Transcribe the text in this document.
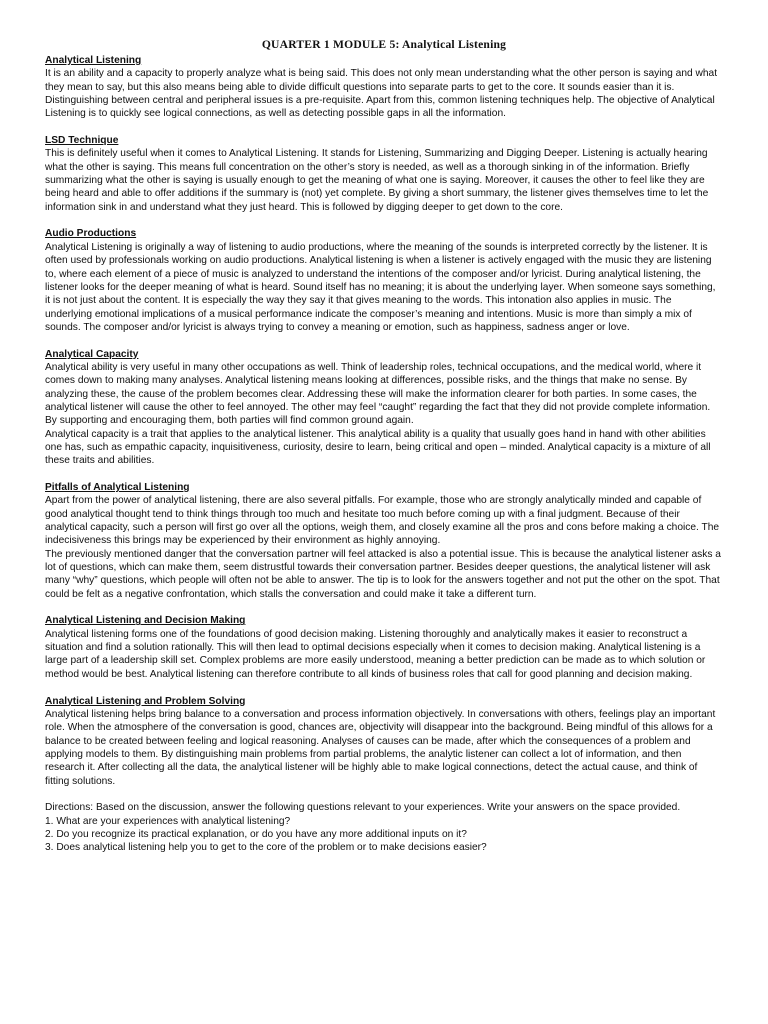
QUARTER 1 MODULE 5: Analytical Listening

Analytical Listening

It is an ability and a capacity to properly analyze what is being said. This does not only mean understanding what the other person is saying and what they mean to say, but this also means being able to divide difficult questions into separate parts to get to the core. It sounds easier than it is. Distinguishing between central and peripheral issues is a pre-requisite. Apart from this, common listening techniques help. The objective of Analytical Listening is to quickly see logical connections, as well as detecting possible gaps in all the information.

LSD Technique

This is definitely useful when it comes to Analytical Listening. It stands for Listening, Summarizing and Digging Deeper. Listening is actually hearing what the other is saying. This means full concentration on the other’s story is needed, as well as a thorough sinking in of the information. Briefly summarizing what the other is saying is usually enough to get the meaning of what one is saying. Moreover, it causes the other to feel like they are being heard and able to offer additions if the summary is (not) yet complete. By giving a short summary, the listener gives themselves time to let the information sink in and understand what they just heard. This is followed by digging deeper to get down to the core.

Audio Productions

Analytical Listening is originally a way of listening to audio productions, where the meaning of the sounds is interpreted correctly by the listener. It is often used by professionals working on audio productions. Analytical listening is when a listener is actively engaged with the music they are listening to, where each element of a piece of music is analyzed to understand the intentions of the composer and/or lyricist. During analytical listening, the listener looks for the deeper meaning of what is heard. Sound itself has no meaning; it is about the underlying layer. When someone says something, it is not just about the content. It is especially the way they say it that gives meaning to the words. This intonation also applies in music. The underlying emotional implications of a musical performance indicate the composer’s meaning and intentions. Music is more than simply a mix of sounds. The composer and/or lyricist is always trying to convey a meaning or emotion, such as happiness, sadness anger or love.

Analytical Capacity

Analytical ability is very useful in many other occupations as well. Think of leadership roles, technical occupations, and the medical world, where it comes down to making many analyses. Analytical listening means looking at differences, possible risks, and the things that make no sense. By analyzing these, the cause of the problem becomes clear. Addressing these will make the information clearer for both parties. In some cases, the analytical listener will cause the other to feel annoyed. The other may feel “caught” regarding the fact that they did not provide complete information. By supporting and encouraging them, both parties will find common ground again.

Analytical capacity is a trait that applies to the analytical listener. This analytical ability is a quality that usually goes hand in hand with other abilities one has, such as empathic capacity, inquisitiveness, curiosity, desire to learn, being critical and open – minded. Analytical capacity is a mixture of all these traits and abilities.

Pitfalls of Analytical Listening

Apart from the power of analytical listening, there are also several pitfalls. For example, those who are strongly analytically minded and capable of good analytical thought tend to think things through too much and hesitate too much before coming up with a final judgment. Because of their analytical capacity, such a person will first go over all the options, weigh them, and closely examine all the pros and cons before making a choice. The indecisiveness this brings may be experienced by their environment as highly annoying.

The previously mentioned danger that the conversation partner will feel attacked is also a potential issue. This is because the analytical listener asks a lot of questions, which can make them, seem distrustful towards their conversation partner. Besides deeper questions, the analytical listener will ask many “why” questions, which people will often not be able to answer. The tip is to look for the answers together and not put the other on the spot. That could be felt as a negative confrontation, which stalls the conversation and could make it take a different turn.

Analytical Listening and Decision Making

Analytical listening forms one of the foundations of good decision making. Listening thoroughly and analytically makes it easier to reconstruct a situation and find a solution rationally. This will then lead to optimal decisions especially when it comes to decision making. Analytical listening is a large part of a leadership skill set. Complex problems are more easily understood, meaning a better prediction can be made as to which solution or method would be best. Analytical listening can therefore contribute to all kinds of business roles that call for good planning and decision making.

Analytical Listening and Problem Solving

Analytical listening helps bring balance to a conversation and process information objectively. In conversations with others, feelings play an important role. When the atmosphere of the conversation is good, chances are, objectivity will disappear into the background. Being mindful of this allows for a balance to be created between feeling and logical reasoning. Analyses of causes can be made, after which the consequences of a problem and applying models to them. By distinguishing main problems from partial problems, the analytic listener can collect a lot of information, and then research it. After collecting all the data, the analytical listener will be highly able to make logical connections, detect the actual cause, and think of fitting solutions.

Directions: Based on the discussion, answer the following questions relevant to your experiences. Write your answers on the space provided.

1. What are your experiences with analytical listening?

2. Do you recognize its practical explanation, or do you have any more additional inputs on it?

3. Does analytical listening help you to get to the core of the problem or to make decisions easier?
